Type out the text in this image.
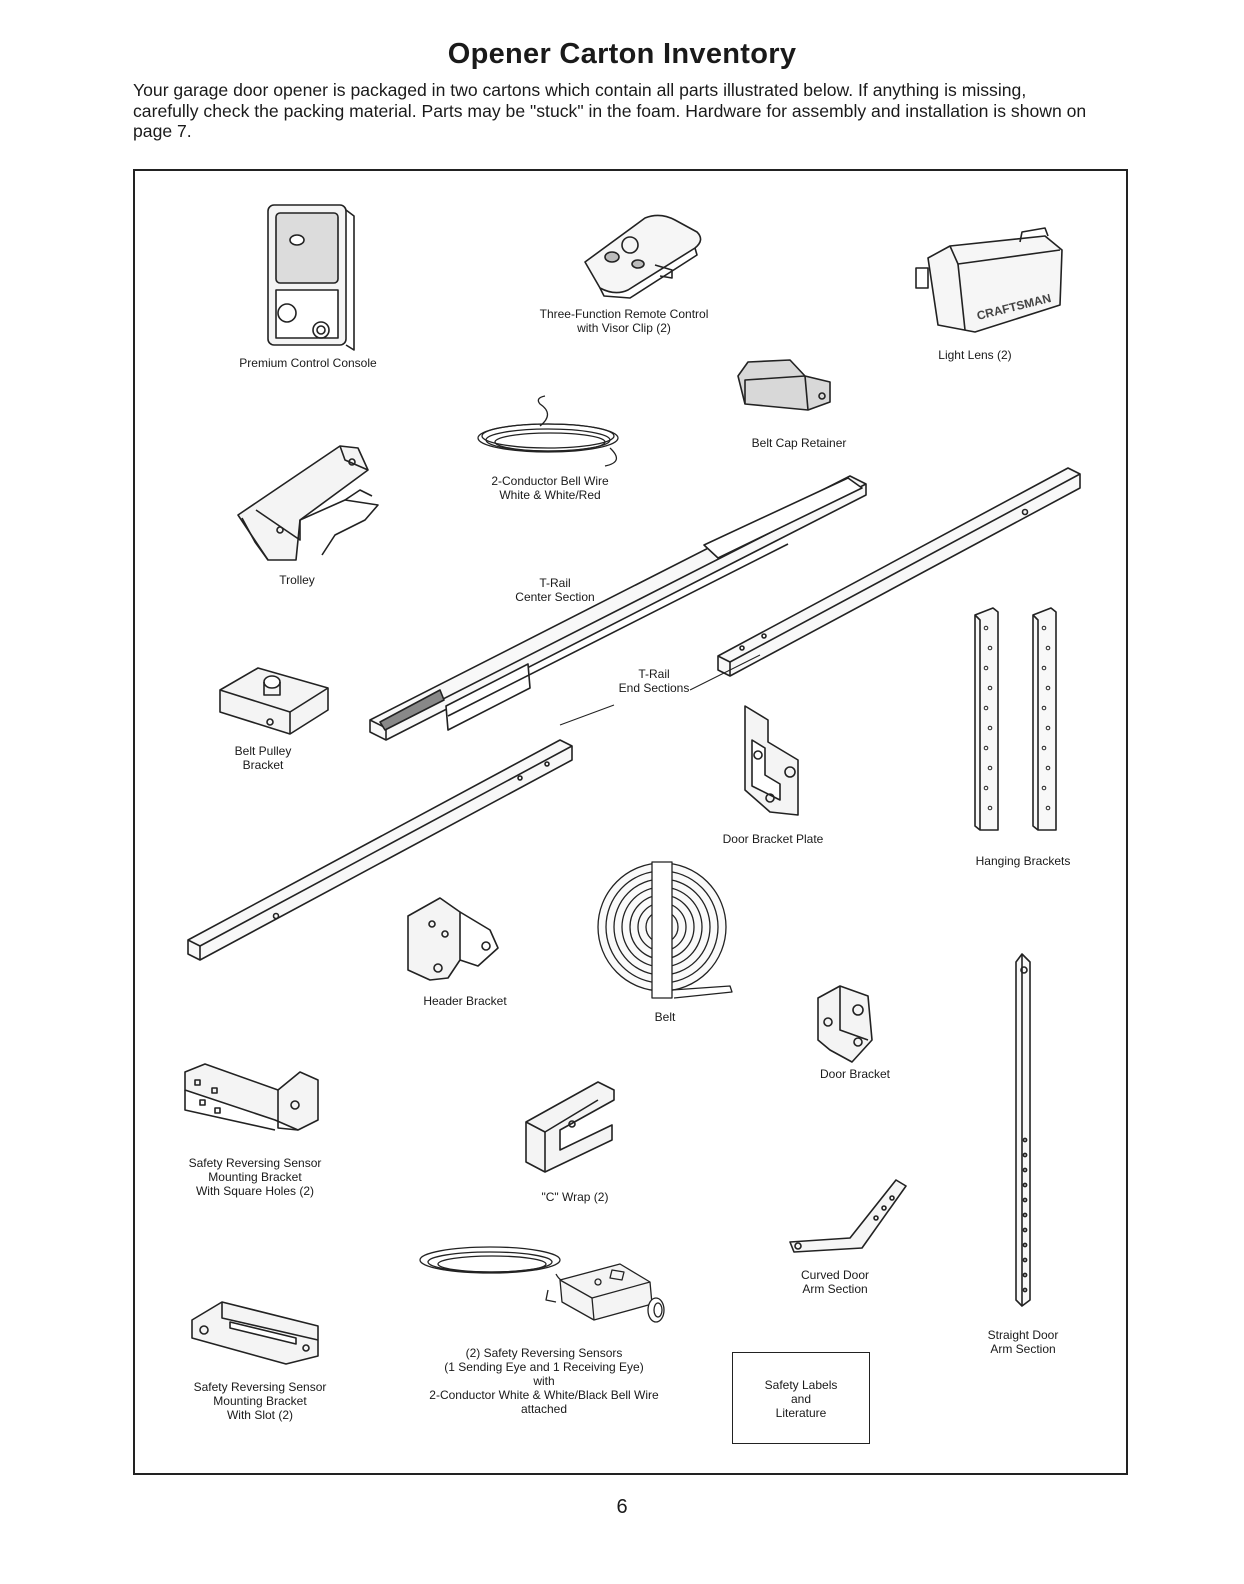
Opener Carton Inventory
Your garage door opener is packaged in two cartons which contain all parts illustrated below. If anything is missing, carefully check the packing material. Parts may be "stuck" in the foam. Hardware for assembly and installation is shown on page 7.
CRAFTSMAN
Premium Control Console
Three-Function Remote Control
with Visor Clip (2)
Light Lens (2)
Belt Cap Retainer
2-Conductor Bell Wire
White & White/Red
Trolley	T-Rail
Center Section
T-Rail
End Sections
Belt Pulley
Bracket
Door Bracket Plate
Hanging Brackets
Header Bracket
Belt
Door Bracket
Safety Reversing Sensor
Mounting Bracket
With Square Holes (2)	"C" Wrap (2)
Curved Door
Arm Section
Straight Door
Arm Section
Safety Reversing Sensor
Mounting Bracket
With Slot (2)
(2) Safety Reversing Sensors
(1 Sending Eye and 1 Receiving Eye)
with
2-Conductor White & White/Black Bell Wire
attached
Safety Labels
and
Literature
6
